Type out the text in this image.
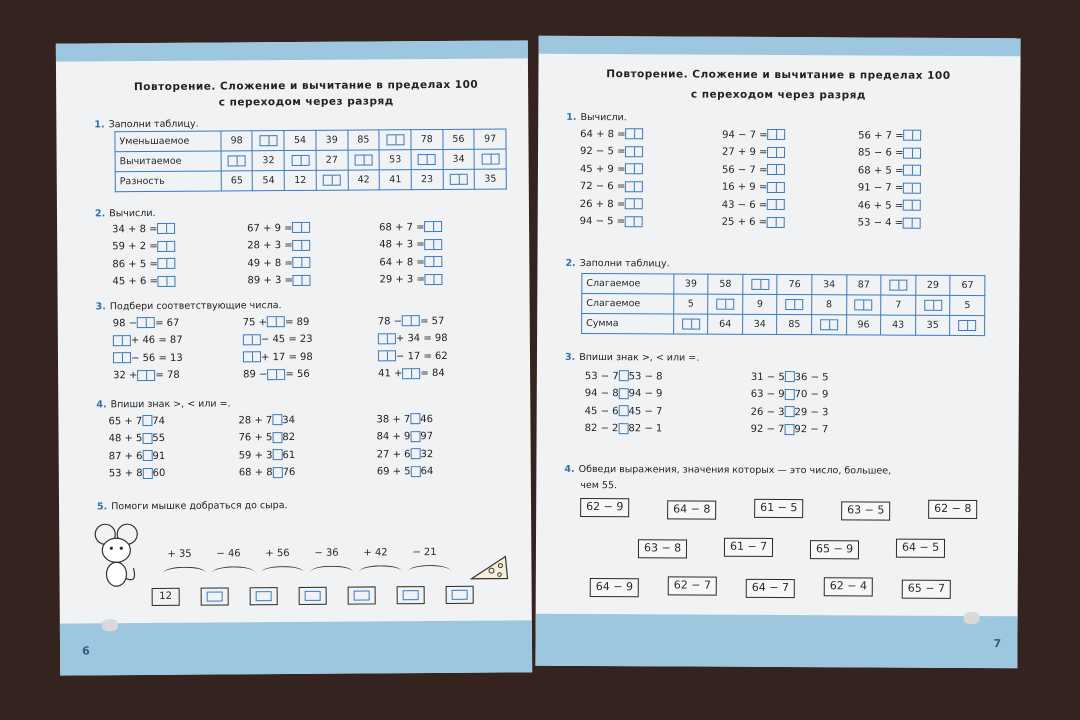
Повторение. Сложение и вычитание в пределах 100
с переходом через разряд
1. Заполни таблицу.
Уменьшаемое	98		54	39	85		78	56	97
Вычитаемое		32		27		53		34	
Разность	65	54	12		42	41	23		35
2. Вычисли.
34 + 8 =
59 + 2 =
86 + 5 =
45 + 6 =
67 + 9 =
28 + 3 =
49 + 8 =
89 + 3 =
68 + 7 =
48 + 3 =
64 + 8 =
29 + 3 =
3. Подбери соответствующие числа.
98 −= 67
+ 46 = 87
− 56 = 13
32 += 78
75 += 89
− 45 = 23
+ 17 = 98
89 −= 56
78 −= 57
+ 34 = 98
− 17 = 62
41 += 84
4. Впиши знак >, < или =.
65 + 774
48 + 555
87 + 691
53 + 860
28 + 734
76 + 582
59 + 361
68 + 876
38 + 746
84 + 997
27 + 632
69 + 564
5. Помоги мышке добраться до сыра.
+ 35 − 46 + 56 − 36 + 42 − 21
12
6
Повторение. Сложение и вычитание в пределах 100
с переходом через разряд
1. Вычисли.
64 + 8 =
92 − 5 =
45 + 9 =
72 − 6 =
26 + 8 =
94 − 5 =
94 − 7 =
27 + 9 =
56 − 7 =
16 + 9 =
43 − 6 =
25 + 6 =
56 + 7 =
85 − 6 =
68 + 5 =
91 − 7 =
46 + 5 =
53 − 4 =
2. Заполни таблицу.
Слагаемое	39	58		76	34	87		29	67
Слагаемое	5		9		8		7		5
Сумма		64	34	85		96	43	35	
3. Впиши знак >, < или =.
53 − 753 − 8
94 − 894 − 9
45 − 645 − 7
82 − 282 − 1
31 − 536 − 5
63 − 970 − 9
26 − 329 − 3
92 − 792 − 7
4. Обведи выражения, значения которых — это число, большее,
чем 55.
62 − 9	64 − 8	61 − 5	63 − 5	62 − 8
63 − 8	61 − 7	65 − 9	64 − 5
64 − 9	62 − 7	64 − 7	62 − 4	65 − 7
7
